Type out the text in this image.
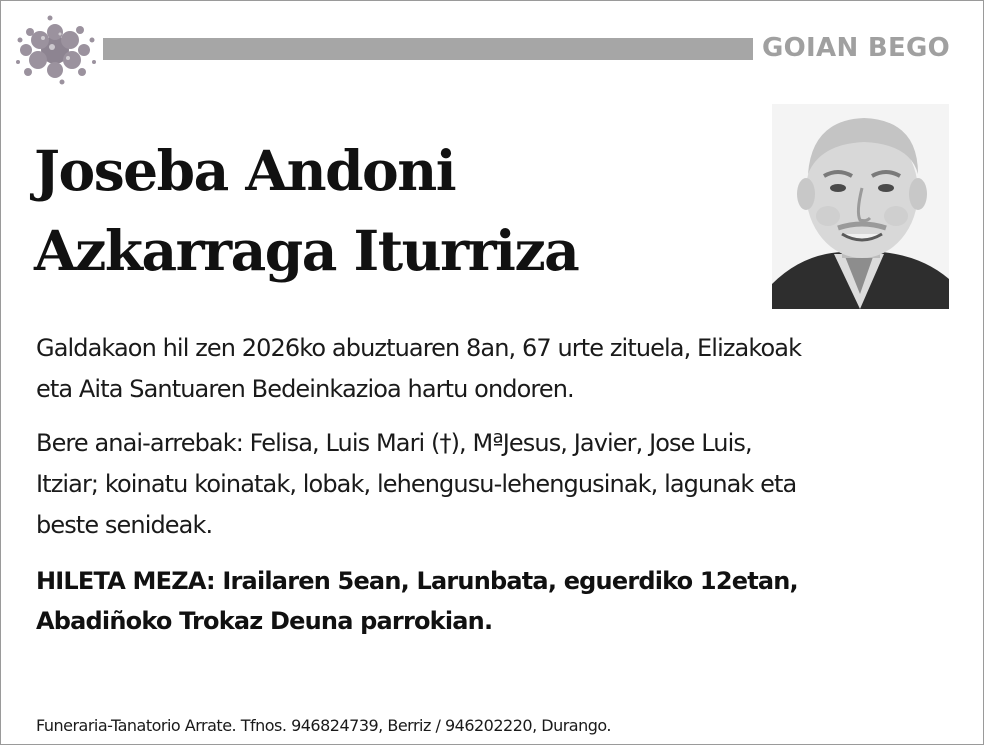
GOIAN BEGO
Joseba Andoni
Azkarraga Iturriza
Galdakaon hil zen 2026ko abuztuaren 8an, 67 urte zituela, Elizakoak
eta Aita Santuaren Bedeinkazioa hartu ondoren.
Bere anai-arrebak: Felisa, Luis Mari (†), MªJesus, Javier, Jose Luis,
Itziar; koinatu koinatak, lobak, lehengusu-lehengusinak, lagunak eta
beste senideak.
HILETA MEZA: Irailaren 5ean, Larunbata, eguerdiko 12etan,
Abadiñoko Trokaz Deuna parrokian.
Funeraria-Tanatorio Arrate. Tfnos. 946824739, Berriz / 946202220, Durango.
